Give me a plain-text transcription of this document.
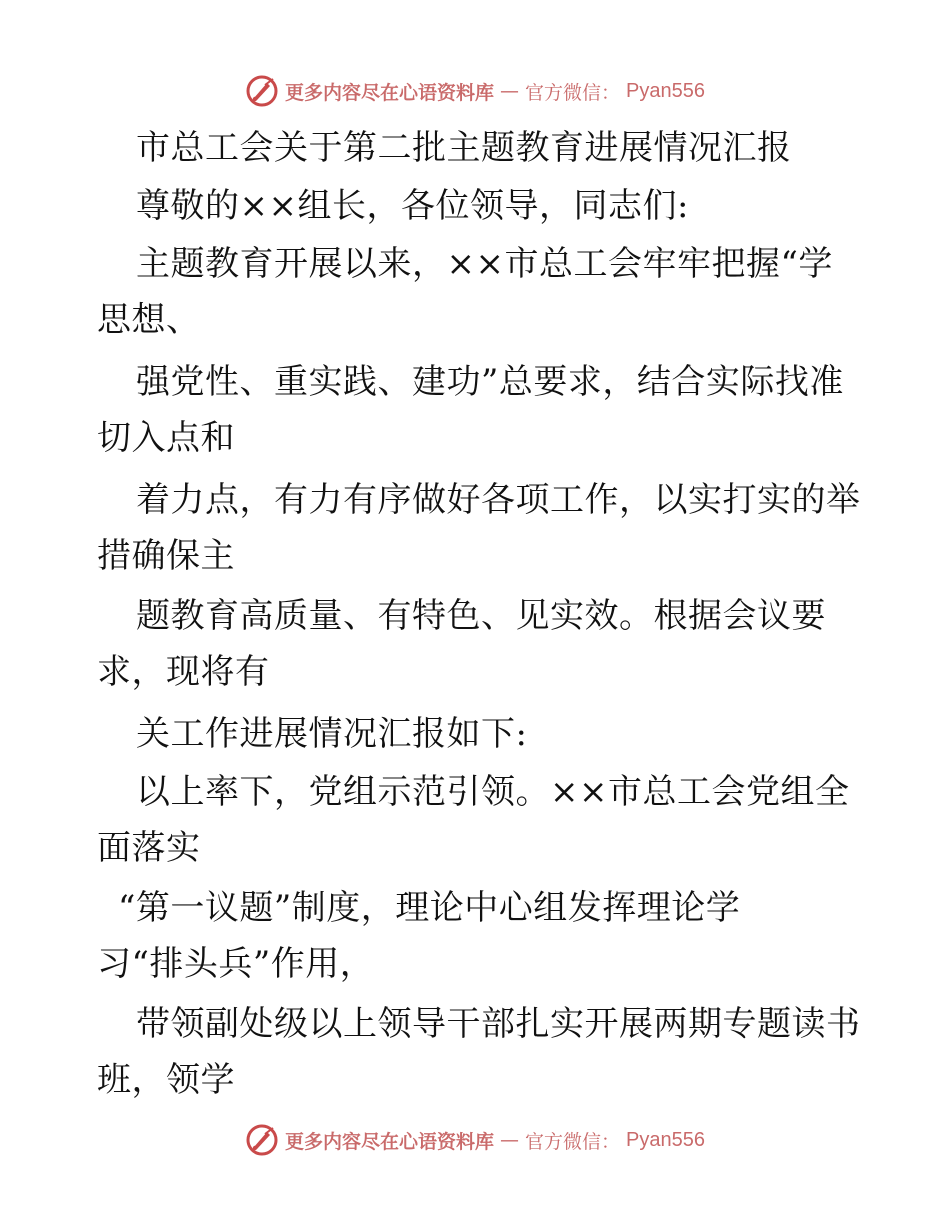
更多内容尽在心语资料库 — 官方微信： Pyan556
市总工会关于第二批主题教育进展情况汇报
尊敬的××组长，各位领导，同志们:
主题教育开展以来，××市总工会牢牢把握“学
思想、
强党性、重实践、建功”总要求，结合实际找准
切入点和
着力点，有力有序做好各项工作，以实打实的举
措确保主
题教育高质量、有特色、见实效。根据会议要
求，现将有
关工作进展情况汇报如下:
以上率下，党组示范引领。××市总工会党组全
面落实
“第一议题”制度，理论中心组发挥理论学
习“排头兵”作用，
带领副处级以上领导干部扎实开展两期专题读书
班，领学
更多内容尽在心语资料库 — 官方微信： Pyan556
